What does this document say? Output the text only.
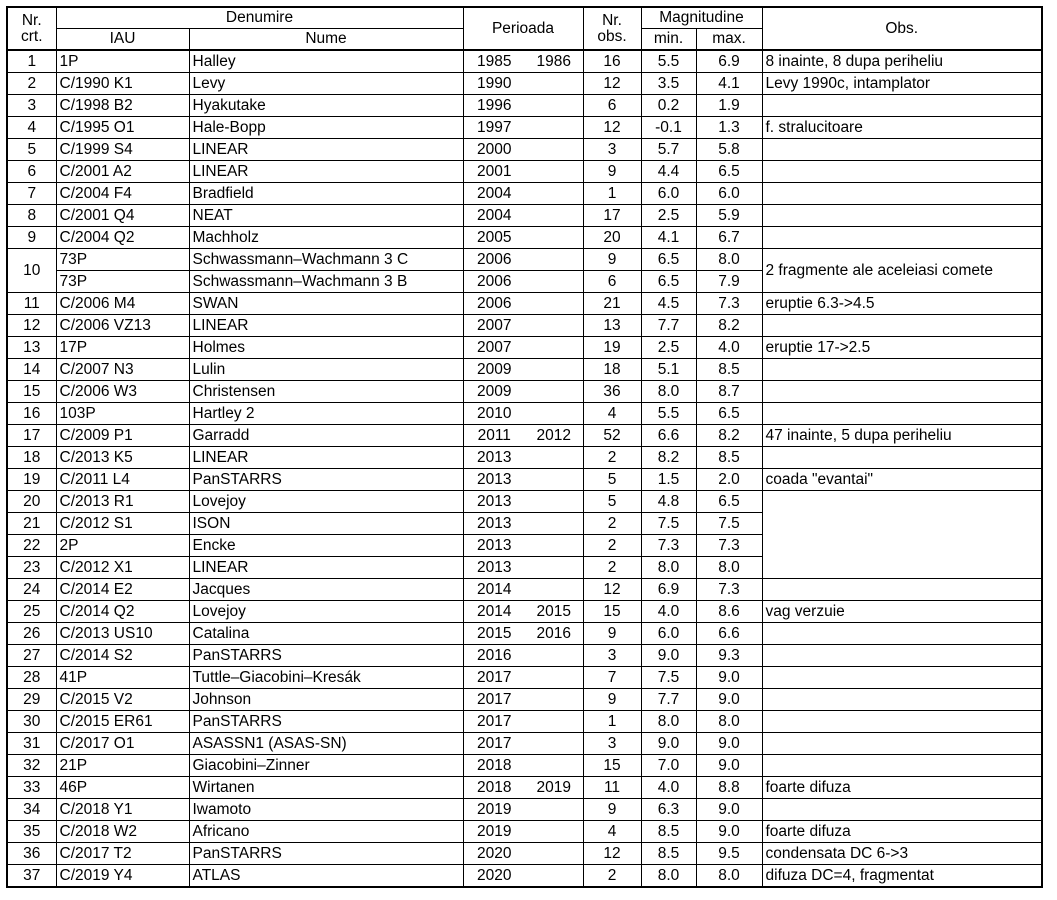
Nr.
crt.	Denumire		Perioada		Nr.
obs.	Magnitudine		Obs.
	IAU	Nume				min.	max.	
1	1P	Halley	1985	1986	16	5.5	6.9	8 inainte, 8 dupa periheliu
2	C/1990 K1	Levy	1990		12	3.5	4.1	Levy 1990c, intamplator
3	C/1998 B2	Hyakutake	1996		6	0.2	1.9	
4	C/1995 O1	Hale-Bopp	1997		12	-0.1	1.3	f. stralucitoare
5	C/1999 S4	LINEAR	2000		3	5.7	5.8	
6	C/2001 A2	LINEAR	2001		9	4.4	6.5	
7	C/2004 F4	Bradfield	2004		1	6.0	6.0	
8	C/2001 Q4	NEAT	2004		17	2.5	5.9	
9	C/2004 Q2	Machholz	2005		20	4.1	6.7	
10	73P	Schwassmann–Wachmann 3 C	2006		9	6.5	8.0	2 fragmente ale aceleiasi comete
	73P	Schwassmann–Wachmann 3 B	2006		6	6.5	7.9	
11	C/2006 M4	SWAN	2006		21	4.5	7.3	eruptie 6.3->4.5
12	C/2006 VZ13	LINEAR	2007		13	7.7	8.2	
13	17P	Holmes	2007		19	2.5	4.0	eruptie 17->2.5
14	C/2007 N3	Lulin	2009		18	5.1	8.5	
15	C/2006 W3	Christensen	2009		36	8.0	8.7	
16	103P	Hartley 2	2010		4	5.5	6.5	
17	C/2009 P1	Garradd	2011	2012	52	6.6	8.2	47 inainte, 5 dupa periheliu
18	C/2013 K5	LINEAR	2013		2	8.2	8.5	
19	C/2011 L4	PanSTARRS	2013		5	1.5	2.0	coada "evantai"
20	C/2013 R1	Lovejoy	2013		5	4.8	6.5	
21	C/2012 S1	ISON	2013		2	7.5	7.5	
22	2P	Encke	2013		2	7.3	7.3	
23	C/2012 X1	LINEAR	2013		2	8.0	8.0	
24	C/2014 E2	Jacques	2014		12	6.9	7.3	
25	C/2014 Q2	Lovejoy	2014	2015	15	4.0	8.6	vag verzuie
26	C/2013 US10	Catalina	2015	2016	9	6.0	6.6	
27	C/2014 S2	PanSTARRS	2016		3	9.0	9.3	
28	41P	Tuttle–Giacobini–Kresák	2017		7	7.5	9.0	
29	C/2015 V2	Johnson	2017		9	7.7	9.0	
30	C/2015 ER61	PanSTARRS	2017		1	8.0	8.0	
31	C/2017 O1	ASASSN1 (ASAS-SN)	2017		3	9.0	9.0	
32	21P	Giacobini–Zinner	2018		15	7.0	9.0	
33	46P	Wirtanen	2018	2019	11	4.0	8.8	foarte difuza
34	C/2018 Y1	Iwamoto	2019		9	6.3	9.0	
35	C/2018 W2	Africano	2019		4	8.5	9.0	foarte difuza
36	C/2017 T2	PanSTARRS	2020		12	8.5	9.5	condensata DC 6->3
37	C/2019 Y4	ATLAS	2020		2	8.0	8.0	difuza DC=4, fragmentat
